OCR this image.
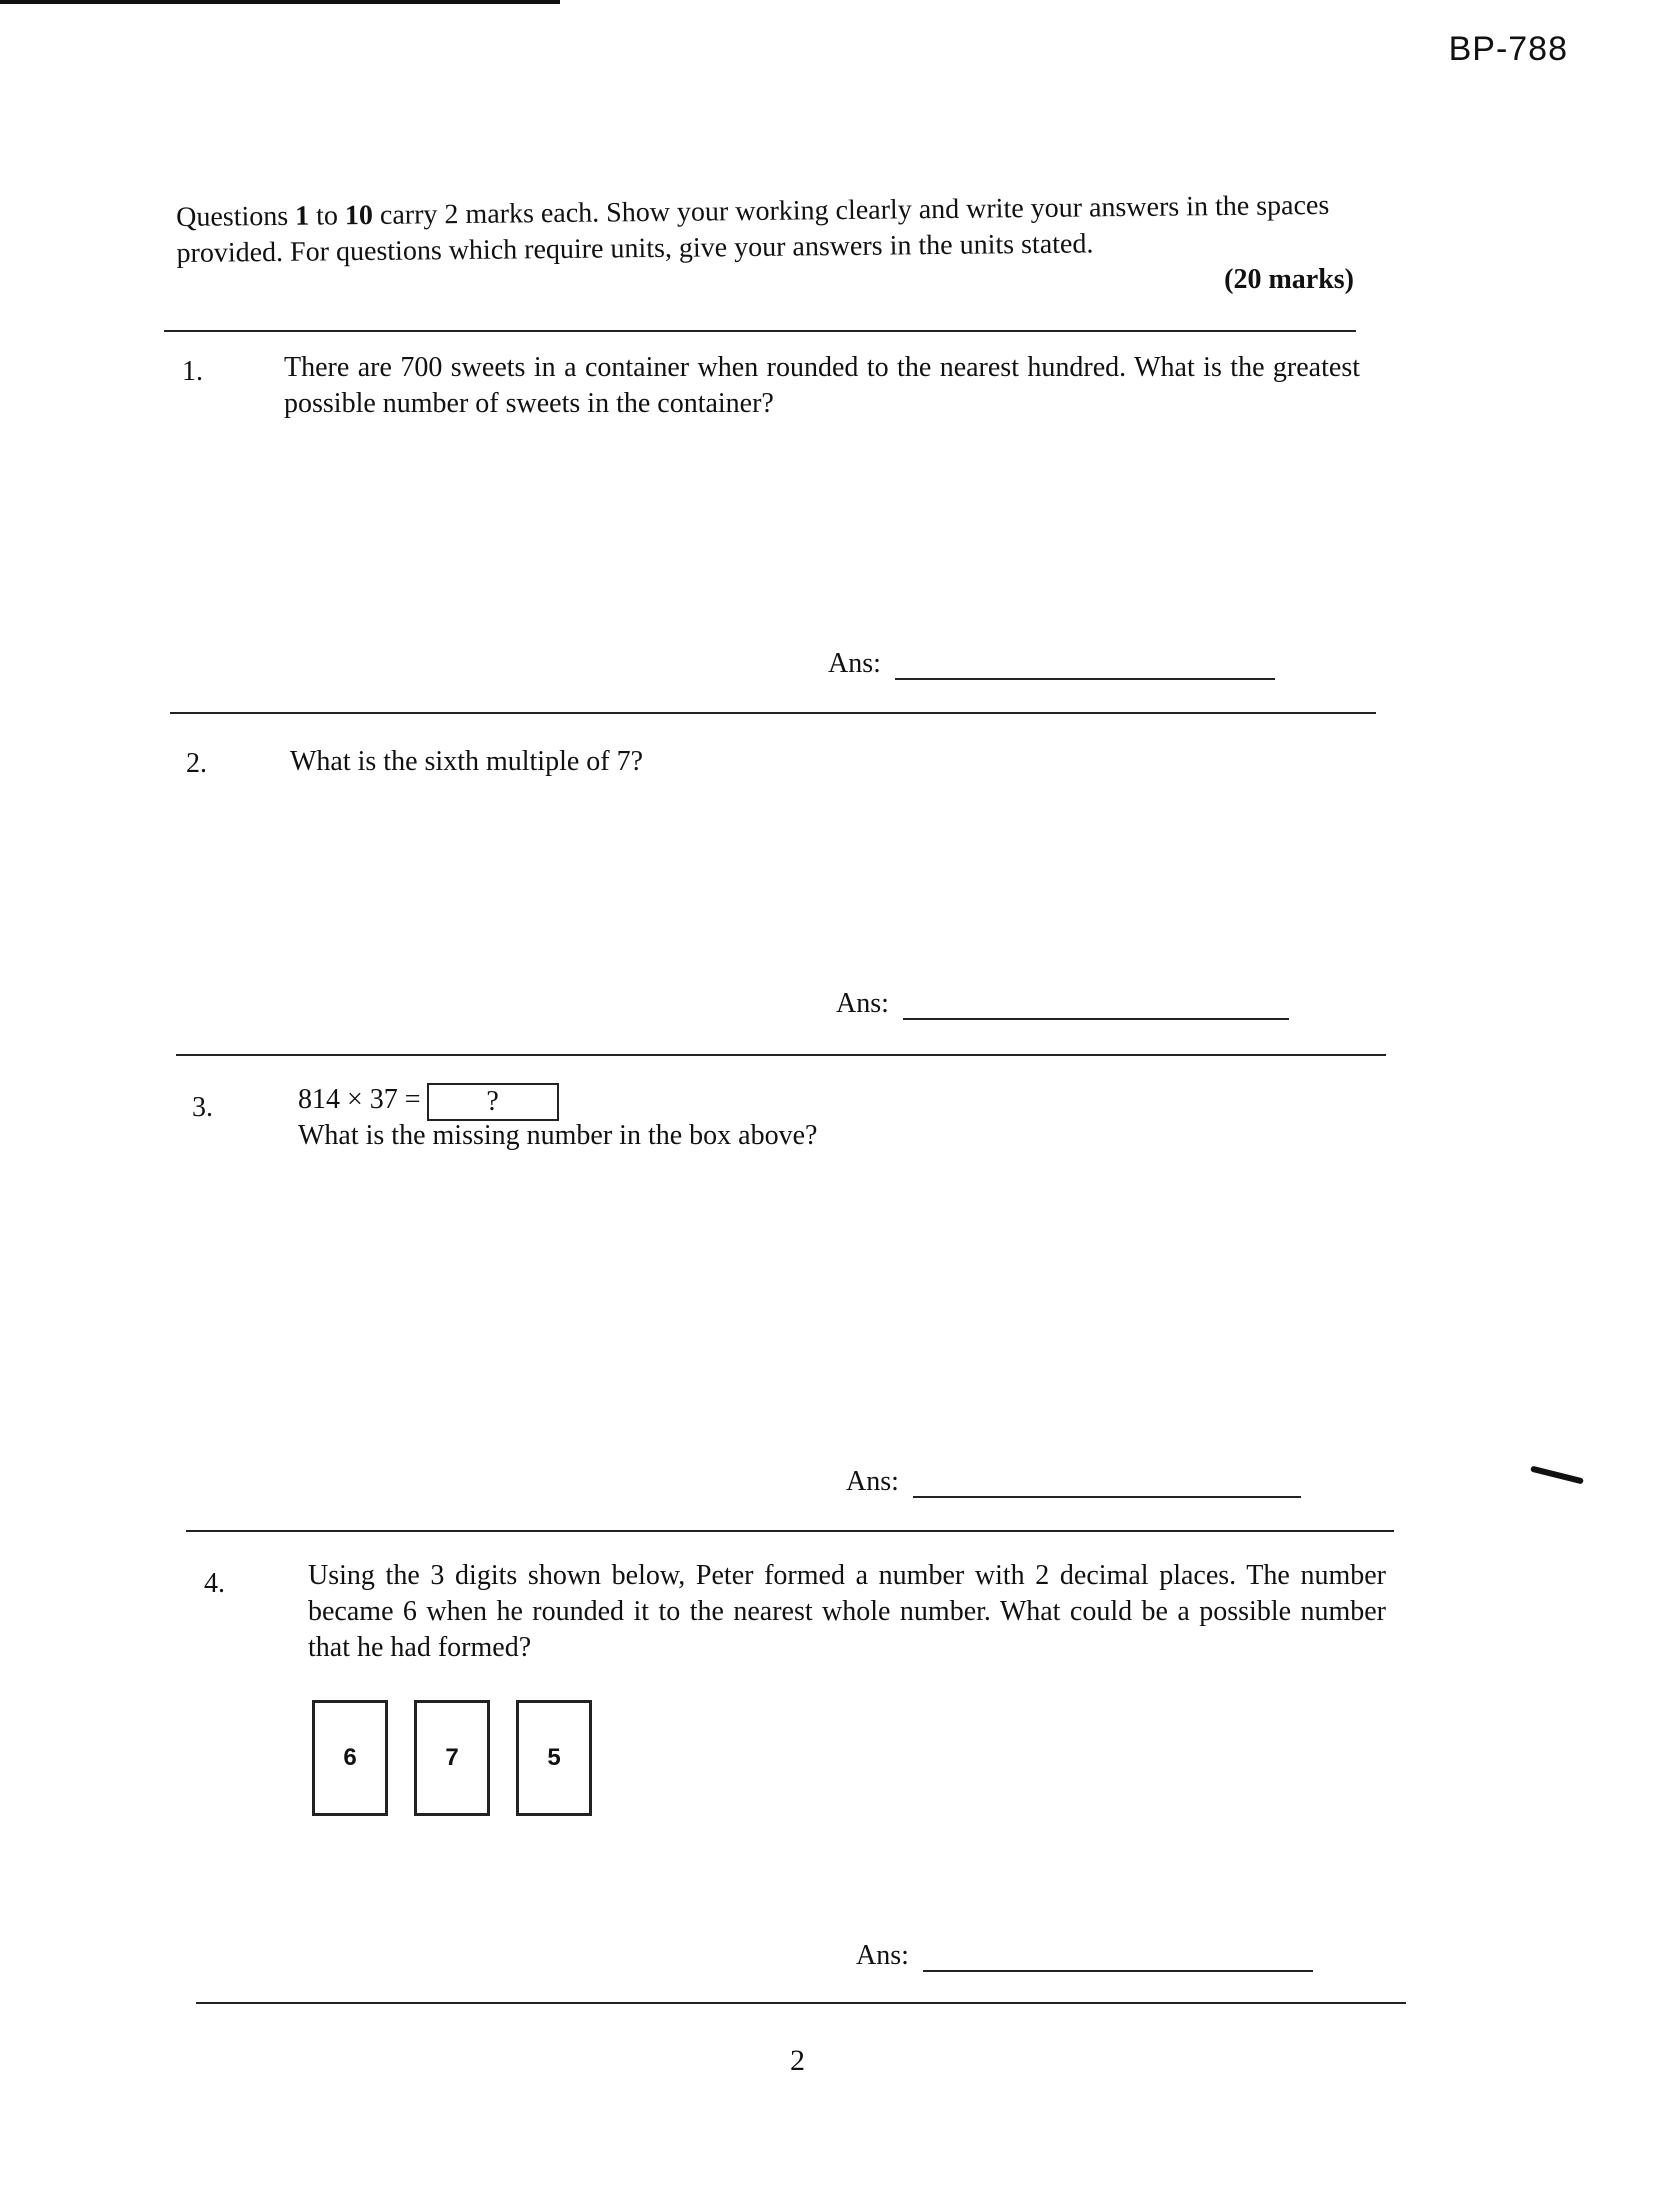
BP-788
Questions 1 to 10 carry 2 marks each. Show your working clearly and write your answers in the spaces provided. For questions which require units, give your answers in the units stated.
(20 marks)
1.	There are 700 sweets in a container when rounded to the nearest hundred. What is the greatest possible number of sweets in the container?
Ans:
2.	What is the sixth multiple of 7?
Ans:
3.	814 × 37 = ?
What is the missing number in the box above?
Ans:
4.	Using the 3 digits shown below, Peter formed a number with 2 decimal places. The number became 6 when he rounded it to the nearest whole number. What could be a possible number that he had formed?
6	7	5
Ans:
2
